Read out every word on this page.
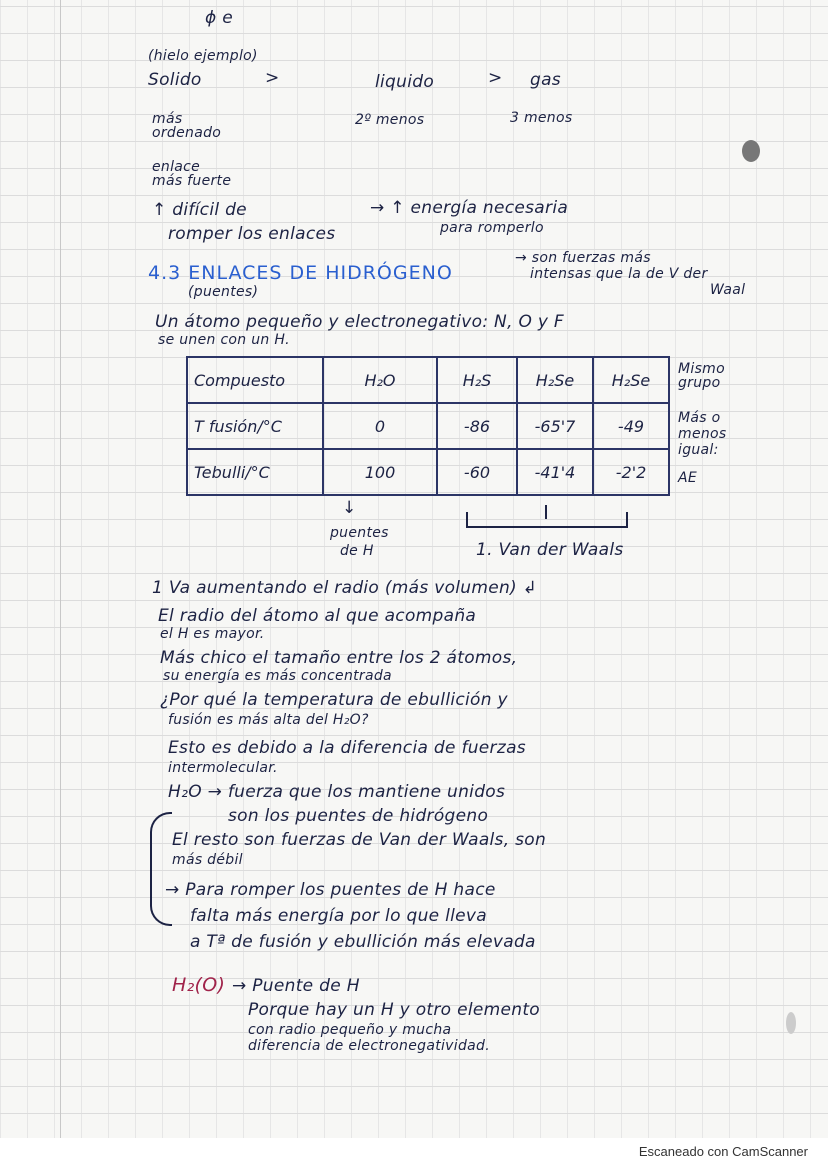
ϕ e
(hielo ejemplo)
Solido	>	liquido	> gas
más ordenado
2º menos	3 menos
enlace más fuerte
↑ difícil de
romper los enlaces
→ ↑ energía necesaria
para romperlo
4.3 ENLACES DE HIDRÓGENO
(puentes)
→ son fuerzas más
intensas que la de V der
Waal
Un átomo pequeño y electronegativo: N, O y F
se unen con un H.
Compuesto	H₂O	H₂S	H₂Se	H₂Se
T fusión/°C	0	-86	-65'7	-49
Tebulli/°C	100	-60	-41'4	-2'2
Mismo grupo
Más o menos igual:
AE
↓
puentes
de H	1. Van der Waals
1 Va aumentando el radio (más volumen) ↲
El radio del átomo al que acompaña
el H es mayor.
Más chico el tamaño entre los 2 átomos,
su energía es más concentrada
¿Por qué la temperatura de ebullición y
fusión es más alta del H₂O?
Esto es debido a la diferencia de fuerzas
intermolecular.
H₂O → fuerza que los mantiene unidos
son los puentes de hidrógeno
El resto son fuerzas de Van der Waals, son
más débil
→ Para romper los puentes de H hace
falta más energía por lo que lleva
a Tª de fusión y ebullición más elevada
H₂(O) → Puente de H
Porque hay un H y otro elemento
con radio pequeño y mucha
diferencia de electronegatividad.
Escaneado con CamScanner
